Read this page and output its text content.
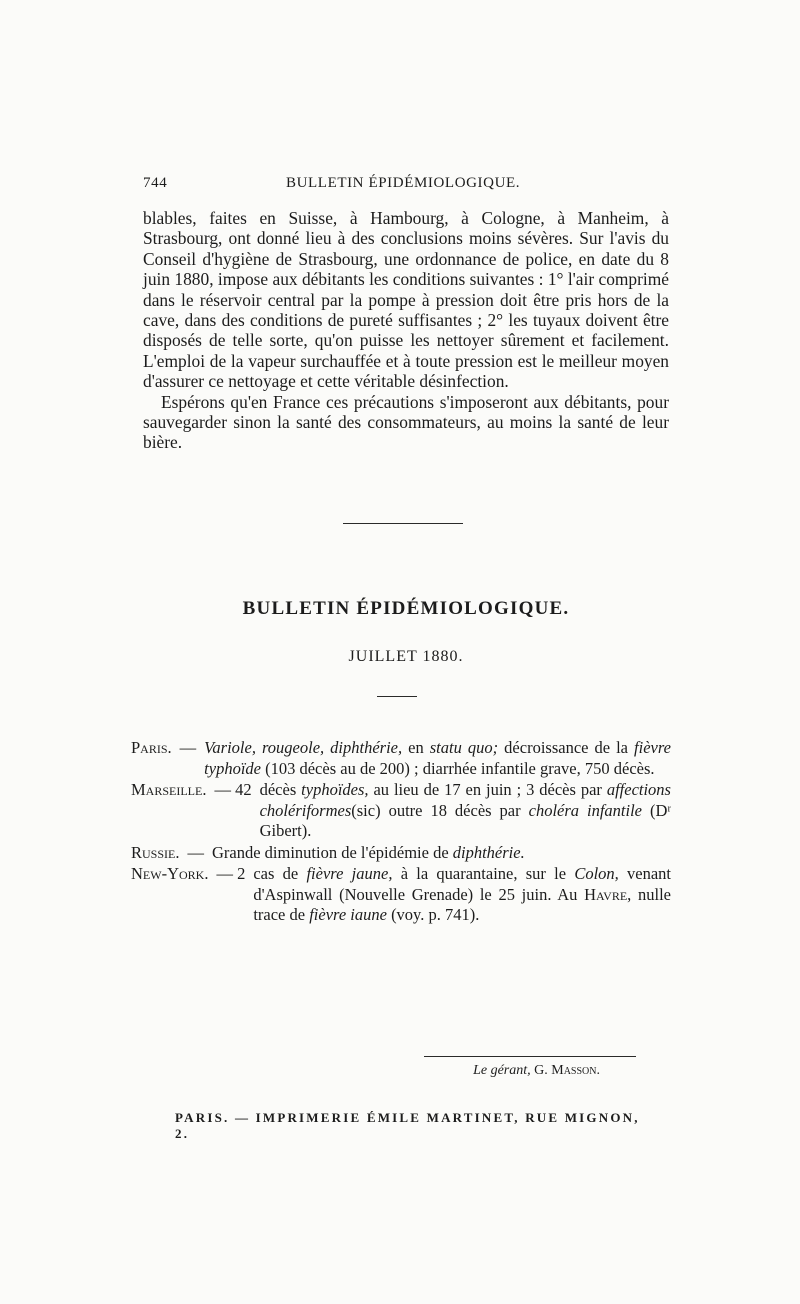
744	BULLETIN ÉPIDÉMIOLOGIQUE.

blables, faites en Suisse, à Hambourg, à Cologne, à Manheim, à Strasbourg, ont donné lieu à des conclusions moins sévères. Sur l'avis du Conseil d'hygiène de Strasbourg, une ordonnance de police, en date du 8 juin 1880, impose aux débitants les conditions suivantes : 1° l'air comprimé dans le réservoir central par la pompe à pression doit être pris hors de la cave, dans des conditions de pureté suffisantes ; 2° les tuyaux doivent être disposés de telle sorte, qu'on puisse les nettoyer sûrement et facilement. L'emploi de la vapeur surchauffée et à toute pression est le meilleur moyen d'assurer ce nettoyage et cette véritable désinfection.

Espérons qu'en France ces précautions s'imposeront aux débitants, pour sauvegarder sinon la santé des consommateurs, au moins la santé de leur bière.

BULLETIN ÉPIDÉMIOLOGIQUE.
JUILLET 1880.
Paris. — Variole, rougeole, diphthérie, en statu quo; décroissance de la fièvre typhoïde (103 décès au de 200) ; diarrhée infantile grave, 750 décès.
Marseille. — 42 décès typhoïdes, au lieu de 17 en juin ; 3 décès par affections cholériformes(sic) outre 18 décès par choléra infantile (Dʳ Gibert).
Russie. — Grande diminution de l'épidémie de diphthérie.
New-York. — 2 cas de fièvre jaune, à la quarantaine, sur le Colon, venant d'Aspinwall (Nouvelle Grenade) le 25 juin. Au Havre, nulle trace de fièvre iaune (voy. p. 741).
Le gérant, G. Masson.
PARIS. — IMPRIMERIE ÉMILE MARTINET, RUE MIGNON, 2.
